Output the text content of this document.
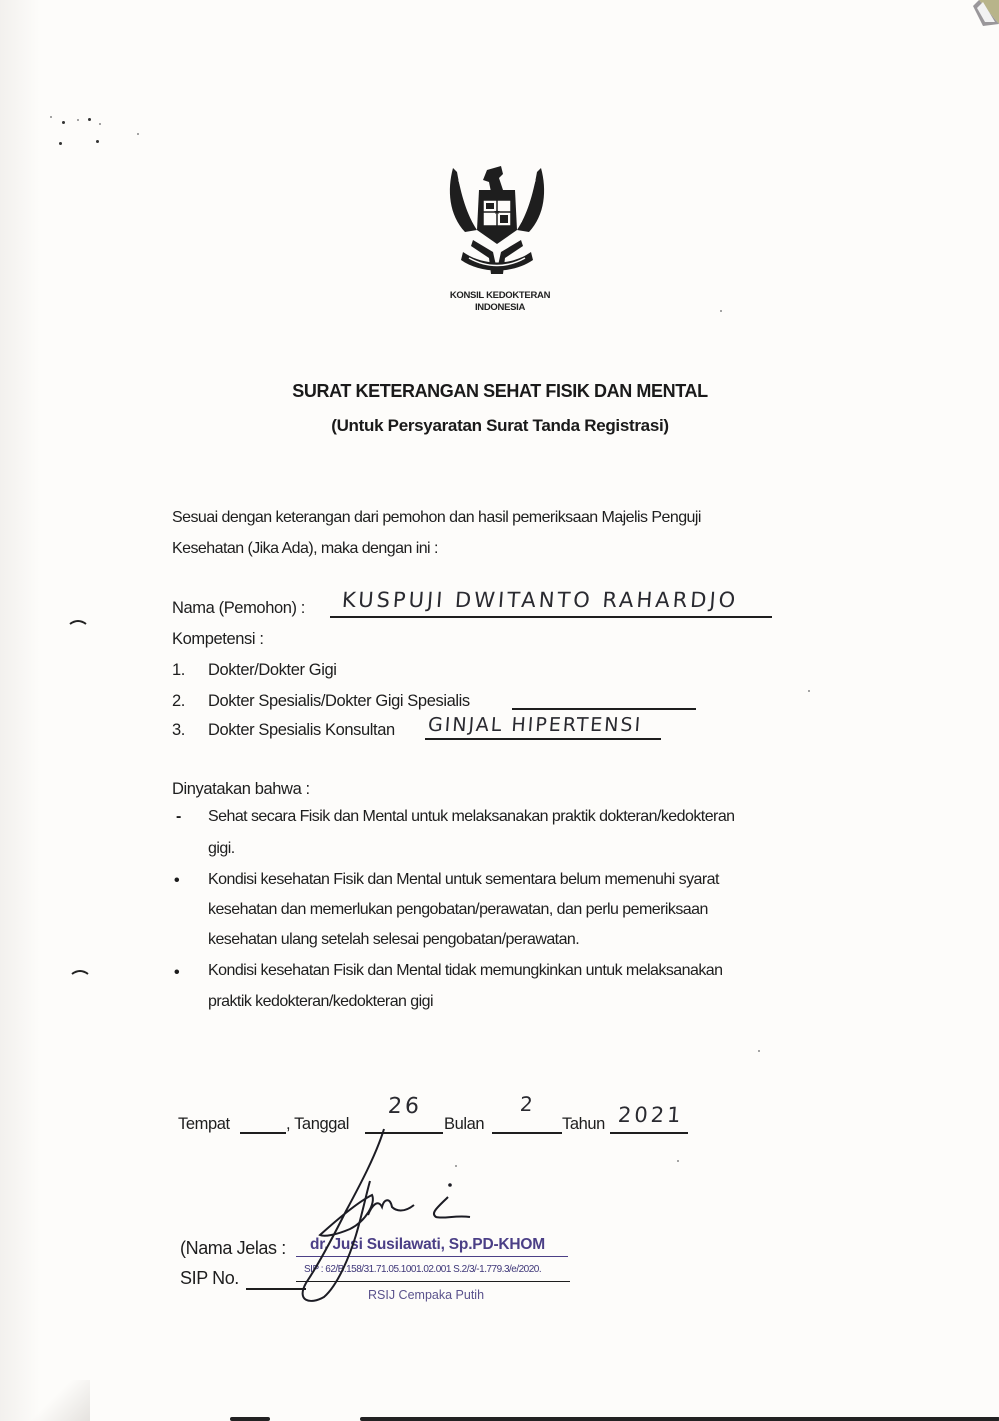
KONSIL KEDOKTERAN
INDONESIA
SURAT KETERANGAN SEHAT FISIK DAN MENTAL
(Untuk Persyaratan Surat Tanda Registrasi)
Sesuai dengan keterangan dari pemohon dan hasil pemeriksaan Majelis Penguji
Kesehatan (Jika Ada), maka dengan ini :
Nama (Pemohon) : KUSPUJI DWITANTO RAHARDJO
Kompetensi :
1. Dokter/Dokter Gigi
2. Dokter Spesialis/Dokter Gigi Spesialis
3. Dokter Spesialis Konsultan GINJAL HIPERTENSI
Dinyatakan bahwa :
- Sehat secara Fisik dan Mental untuk melaksanakan praktik dokteran/kedokteran
gigi.
• Kondisi kesehatan Fisik dan Mental untuk sementara belum memenuhi syarat
kesehatan dan memerlukan pengobatan/perawatan, dan perlu pemeriksaan
kesehatan ulang setelah selesai pengobatan/perawatan.
• Kondisi kesehatan Fisik dan Mental tidak memungkinkan untuk melaksanakan
praktik kedokteran/kedokteran gigi
Tempat	, Tanggal
26
Bulan
2
Tahun 2021
(Nama Jelas :
SIP No.
dr. Jusi Susilawati, Sp.PD-KHOM
SIP : 62/B.158/31.71.05.1001.02.001 S.2/3/-1.779.3/e/2020.
RSIJ Cempaka Putih
